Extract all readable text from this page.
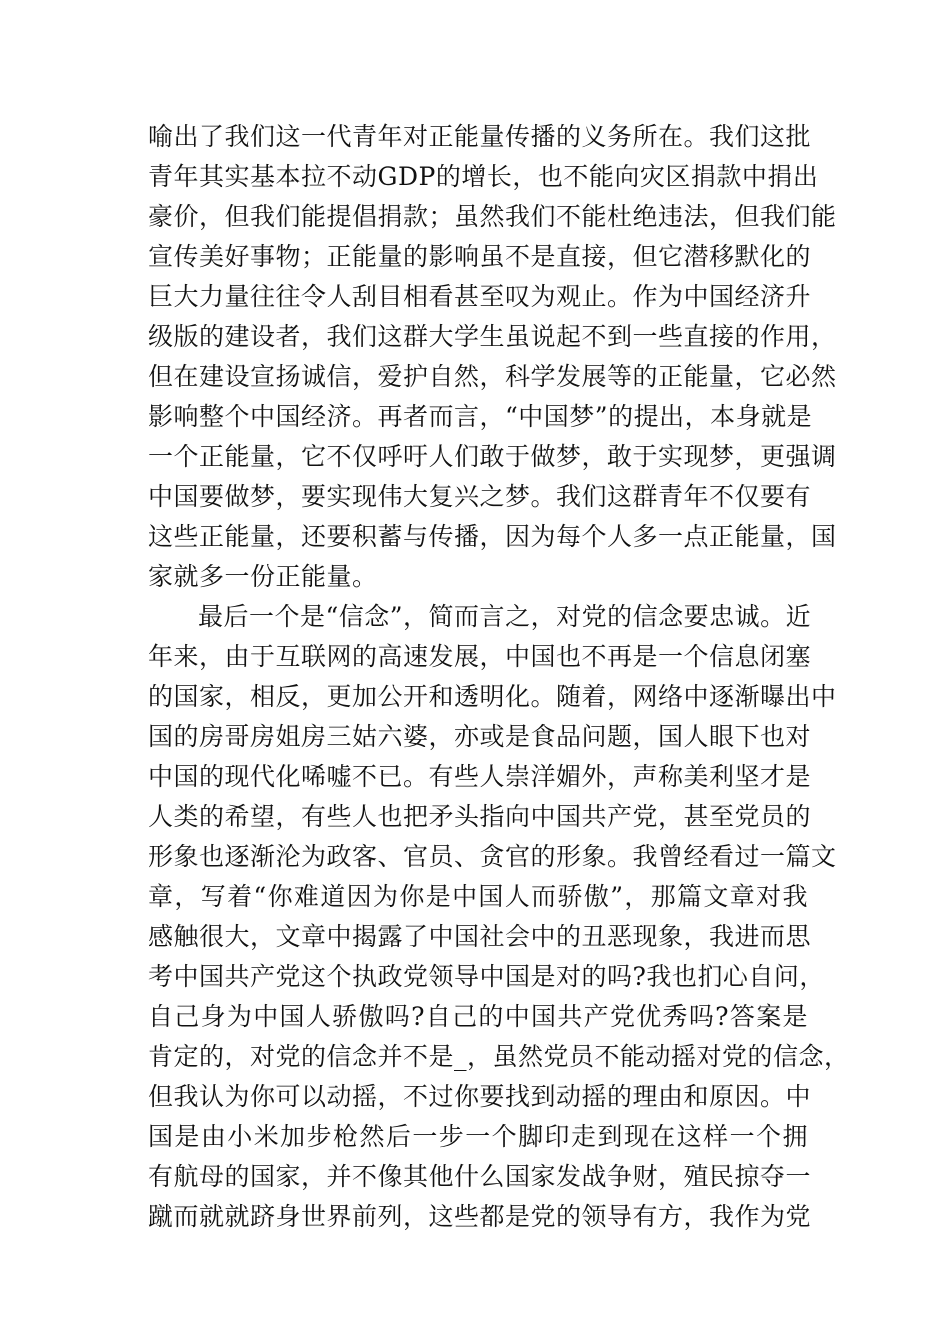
喻出了我们这一代青年对正能量传播的义务所在。我们这批
青年其实基本拉不动GDP的增长，也不能向灾区捐款中捐出
豪价，但我们能提倡捐款；虽然我们不能杜绝违法，但我们能
宣传美好事物；正能量的影响虽不是直接，但它潜移默化的
巨大力量往往令人刮目相看甚至叹为观止。作为中国经济升
级版的建设者，我们这群大学生虽说起不到一些直接的作用，
但在建设宣扬诚信，爱护自然，科学发展等的正能量，它必然
影响整个中国经济。再者而言，“中国梦”的提出，本身就是
一个正能量，它不仅呼吁人们敢于做梦，敢于实现梦，更强调
中国要做梦，要实现伟大复兴之梦。我们这群青年不仅要有
这些正能量，还要积蓄与传播，因为每个人多一点正能量，国
家就多一份正能量。
最后一个是“信念”，简而言之，对党的信念要忠诚。近
年来，由于互联网的高速发展，中国也不再是一个信息闭塞
的国家，相反，更加公开和透明化。随着，网络中逐渐曝出中
国的房哥房姐房三姑六婆，亦或是食品问题，国人眼下也对
中国的现代化唏嘘不已。有些人崇洋媚外，声称美利坚才是
人类的希望，有些人也把矛头指向中国共产党，甚至党员的
形象也逐渐沦为政客、官员、贪官的形象。我曾经看过一篇文
章，写着“你难道因为你是中国人而骄傲”，那篇文章对我
感触很大，文章中揭露了中国社会中的丑恶现象，我进而思
考中国共产党这个执政党领导中国是对的吗?我也扪心自问，
自己身为中国人骄傲吗?自己的中国共产党优秀吗?答案是
肯定的，对党的信念并不是_，虽然党员不能动摇对党的信念，
但我认为你可以动摇，不过你要找到动摇的理由和原因。中
国是由小米加步枪然后一步一个脚印走到现在这样一个拥
有航母的国家，并不像其他什么国家发战争财，殖民掠夺一
蹴而就就跻身世界前列，这些都是党的领导有方，我作为党
